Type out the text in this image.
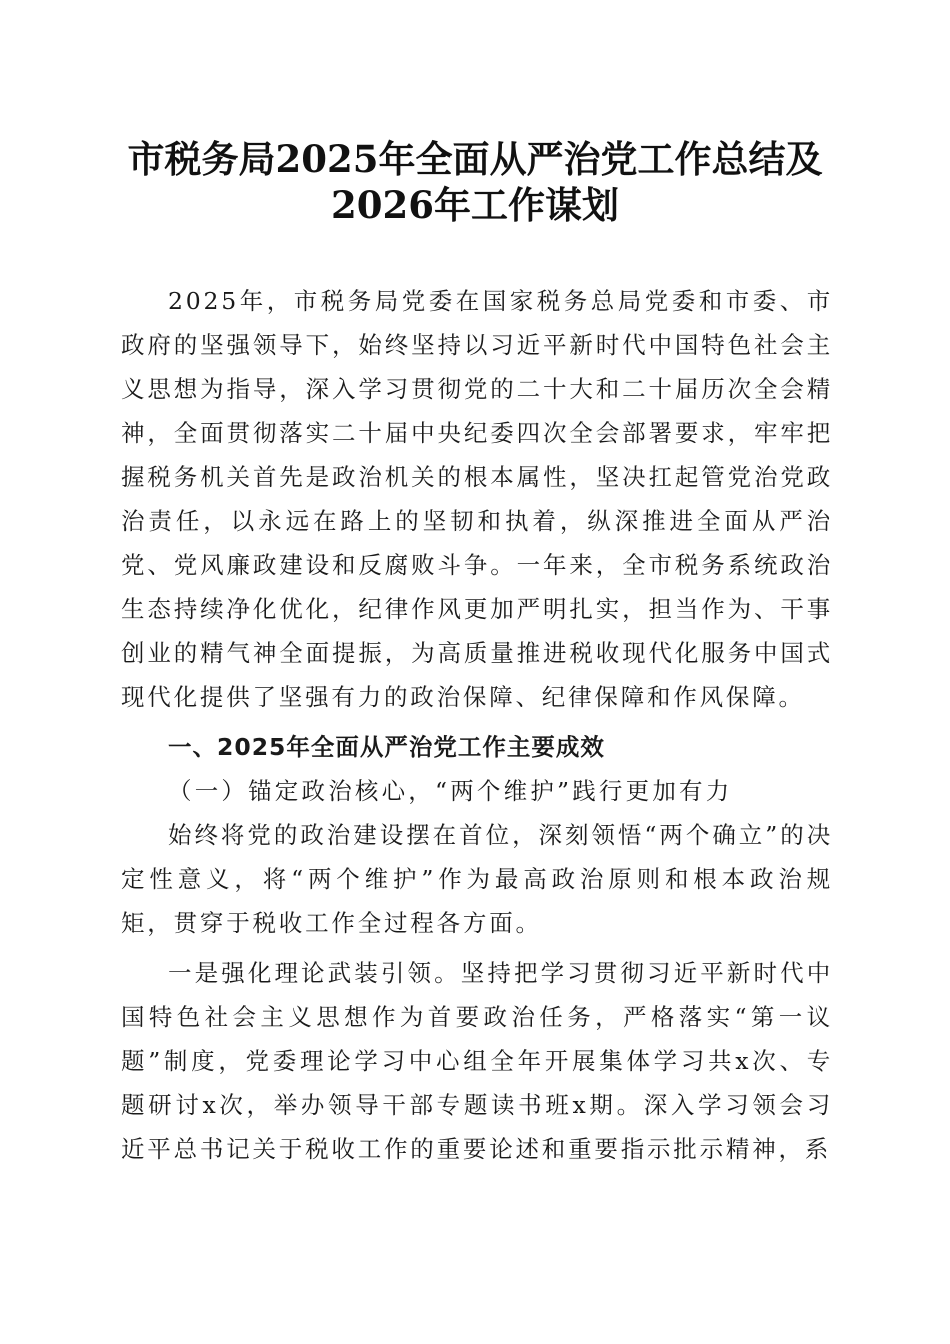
市税务局2025年全面从严治党工作总结及
2026年工作谋划

2025年，市税务局党委在国家税务总局党委和市委、市政府的坚强领导下，始终坚持以习近平新时代中国特色社会主义思想为指导，深入学习贯彻党的二十大和二十届历次全会精神，全面贯彻落实二十届中央纪委四次全会部署要求，牢牢把握税务机关首先是政治机关的根本属性，坚决扛起管党治党政治责任，以永远在路上的坚韧和执着，纵深推进全面从严治党、党风廉政建设和反腐败斗争。一年来，全市税务系统政治生态持续净化优化，纪律作风更加严明扎实，担当作为、干事创业的精气神全面提振，为高质量推进税收现代化服务中国式现代化提供了坚强有力的政治保障、纪律保障和作风保障。

一、2025年全面从严治党工作主要成效

（一）锚定政治核心，“两个维护”践行更加有力

始终将党的政治建设摆在首位，深刻领悟“两个确立”的决定性意义，将“两个维护”作为最高政治原则和根本政治规矩，贯穿于税收工作全过程各方面。

一是强化理论武装引领。坚持把学习贯彻习近平新时代中国特色社会主义思想作为首要政治任务，严格落实“第一议题”制度，党委理论学习中心组全年开展集体学习共x次、专题研讨x次，举办领导干部专题读书班x期。深入学习领会习近平总书记关于税收工作的重要论述和重要指示批示精神，系
